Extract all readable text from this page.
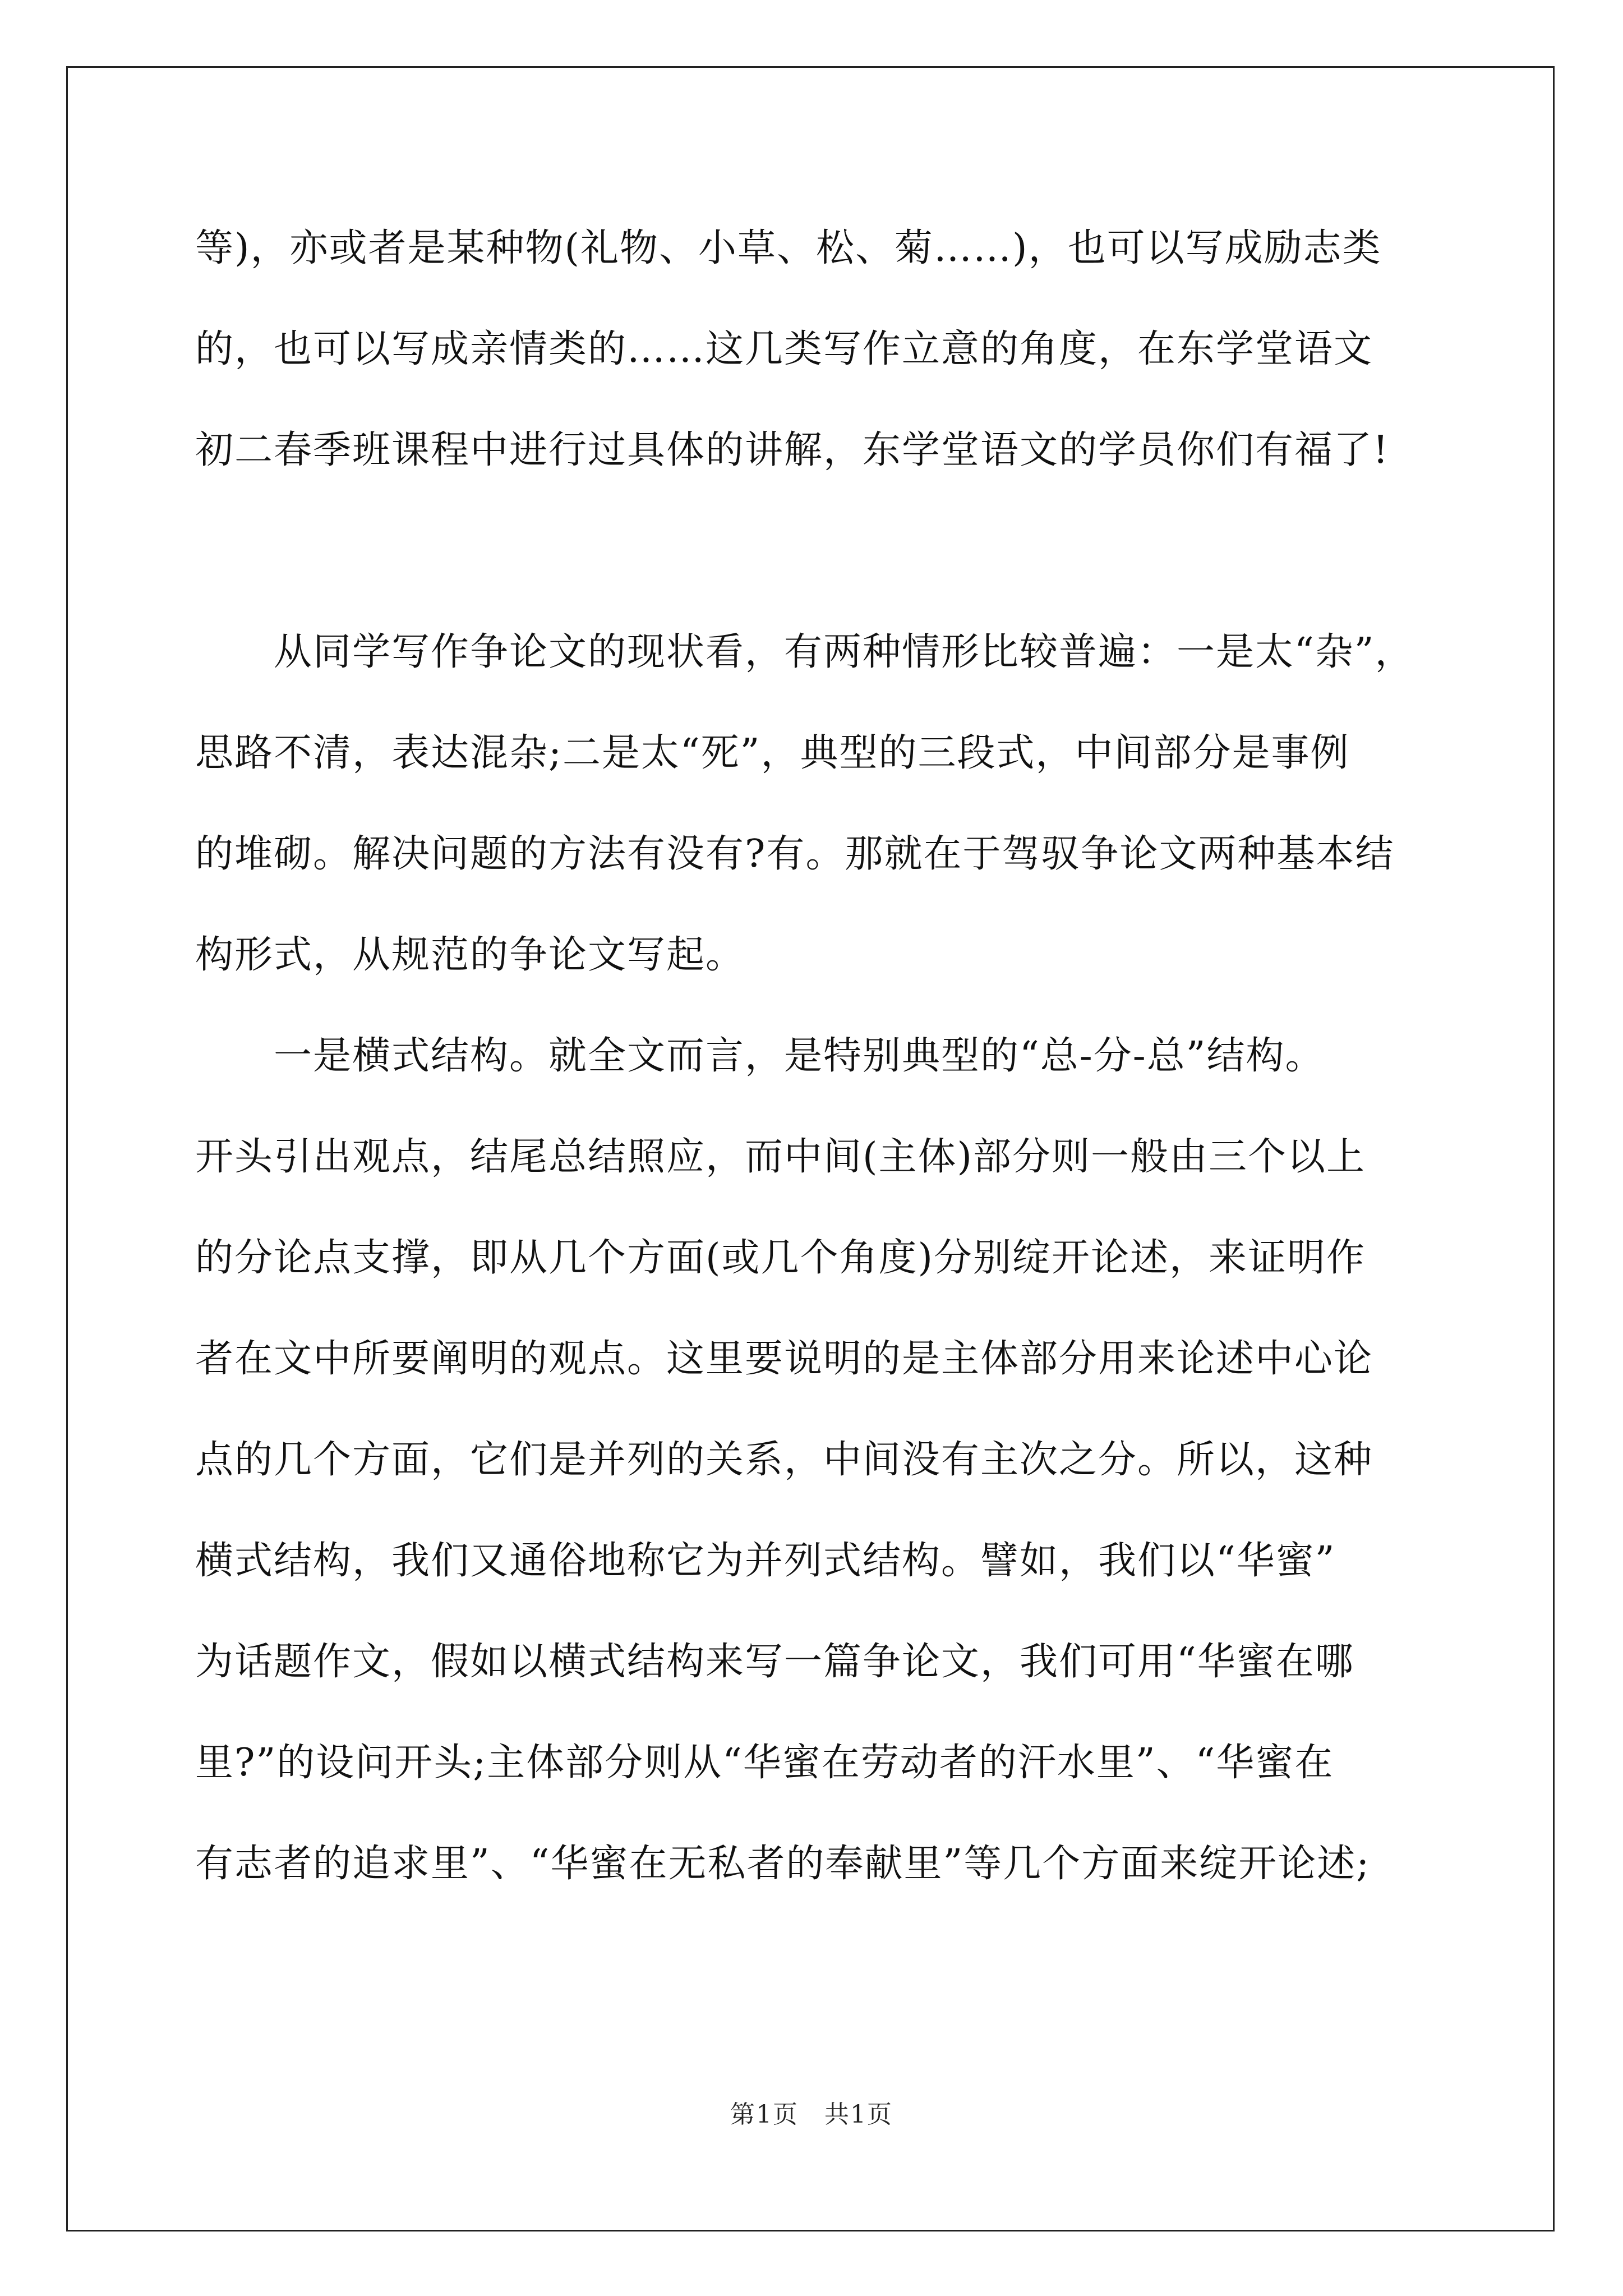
等)，亦或者是某种物(礼物、小草、松、菊……)，也可以写成励志类
的，也可以写成亲情类的……这几类写作立意的角度，在东学堂语文
初二春季班课程中进行过具体的讲解，东学堂语文的学员你们有福了!
从同学写作争论文的现状看，有两种情形比较普遍：一是太“杂”，
思路不清，表达混杂;二是太“死”，典型的三段式，中间部分是事例
的堆砌。解决问题的方法有没有?有。那就在于驾驭争论文两种基本结
构形式，从规范的争论文写起。
一是横式结构。就全文而言，是特别典型的“总-分-总”结构。
开头引出观点，结尾总结照应，而中间(主体)部分则一般由三个以上
的分论点支撑，即从几个方面(或几个角度)分别绽开论述，来证明作
者在文中所要阐明的观点。这里要说明的是主体部分用来论述中心论
点的几个方面，它们是并列的关系，中间没有主次之分。所以，这种
横式结构，我们又通俗地称它为并列式结构。譬如，我们以“华蜜”
为话题作文，假如以横式结构来写一篇争论文，我们可用“华蜜在哪
里?”的设问开头;主体部分则从“华蜜在劳动者的汗水里”、“华蜜在
有志者的追求里”、“华蜜在无私者的奉献里”等几个方面来绽开论述;
第1页　共1页
